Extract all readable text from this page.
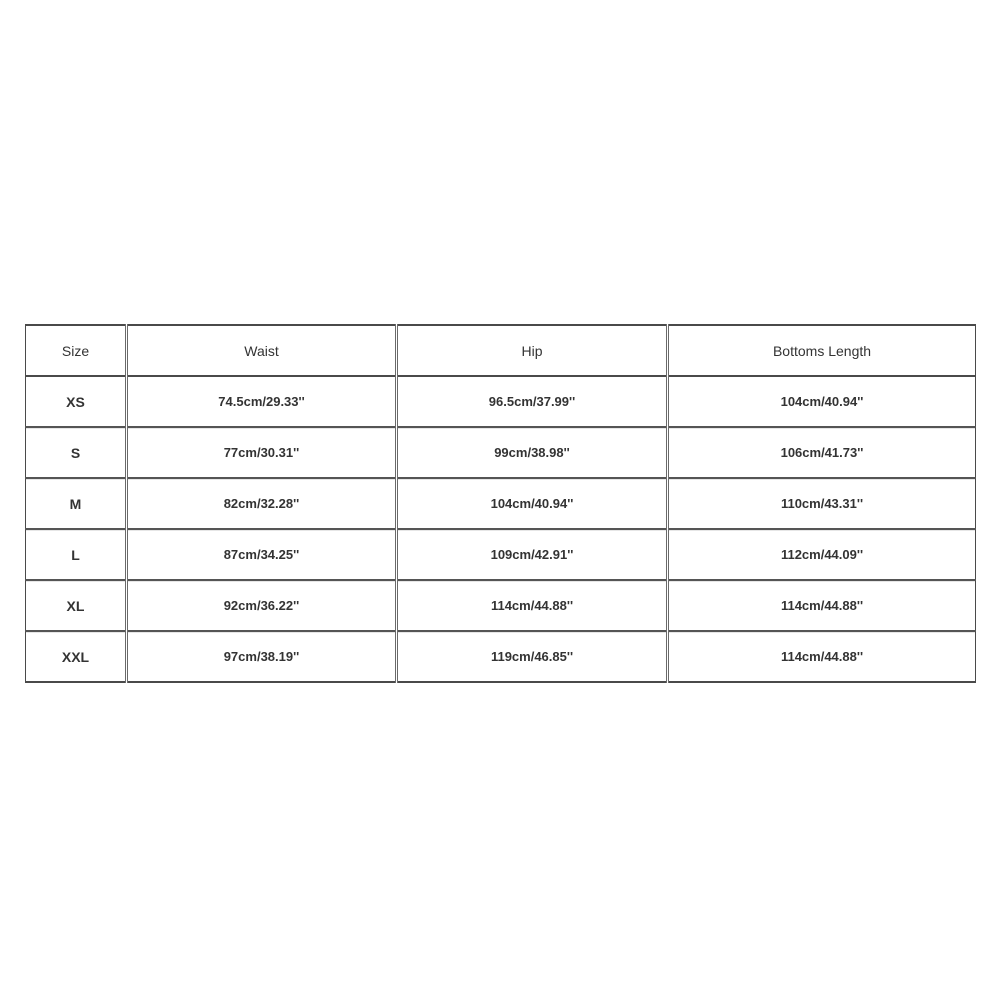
Size	Waist	Hip	Bottoms Length
XS	74.5cm/29.33''	96.5cm/37.99''	104cm/40.94''
S	77cm/30.31''	99cm/38.98''	106cm/41.73''
M	82cm/32.28''	104cm/40.94''	110cm/43.31''
L	87cm/34.25''	109cm/42.91''	112cm/44.09''
XL	92cm/36.22''	114cm/44.88''	114cm/44.88''
XXL	97cm/38.19''	119cm/46.85''	114cm/44.88''
